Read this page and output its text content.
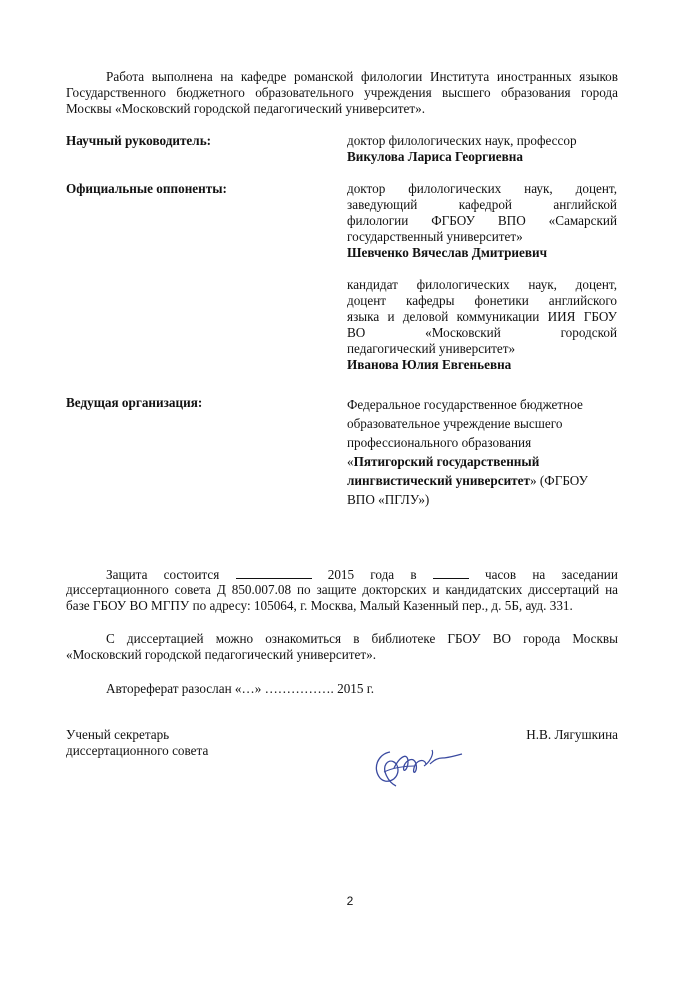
Работа выполнена на кафедре романской филологии Института иностранных языков
Государственного бюджетного образовательного учреждения высшего образования города
Москвы «Московский городской педагогический университет».
Научный руководитель:	доктор филологических наук, профессор
Викулова Лариса Георгиевна
Официальные оппоненты:	доктор филологических наук, доцент,
заведующий кафедрой английской
филологии ФГБОУ ВПО «Самарский
государственный университет»
Шевченко Вячеслав Дмитриевич
кандидат филологических наук, доцент,
доцент кафедры фонетики английского
языка и деловой коммуникации ИИЯ ГБОУ
ВО «Московский городской
педагогический университет»
Иванова Юлия Евгеньевна
Ведущая организация:	Федеральное государственное бюджетное
образовательное учреждение высшего
профессионального образования
«Пятигорский государственный
лингвистический университет» (ФГБОУ
ВПО «ПГЛУ»)
Защита состоится	2015 года в	часов на заседании
диссертационного совета Д 850.007.08 по защите докторских и кандидатских диссертаций на
базе ГБОУ ВО МГПУ по адресу: 105064, г. Москва, Малый Казенный пер., д. 5Б, ауд. 331.
С диссертацией можно ознакомиться в библиотеке ГБОУ ВО города Москвы
«Московский городской педагогический университет».
Автореферат разослан «…» ……………. 2015 г.
Ученый секретарь
диссертационного совета
Н.В. Лягушкина
2
